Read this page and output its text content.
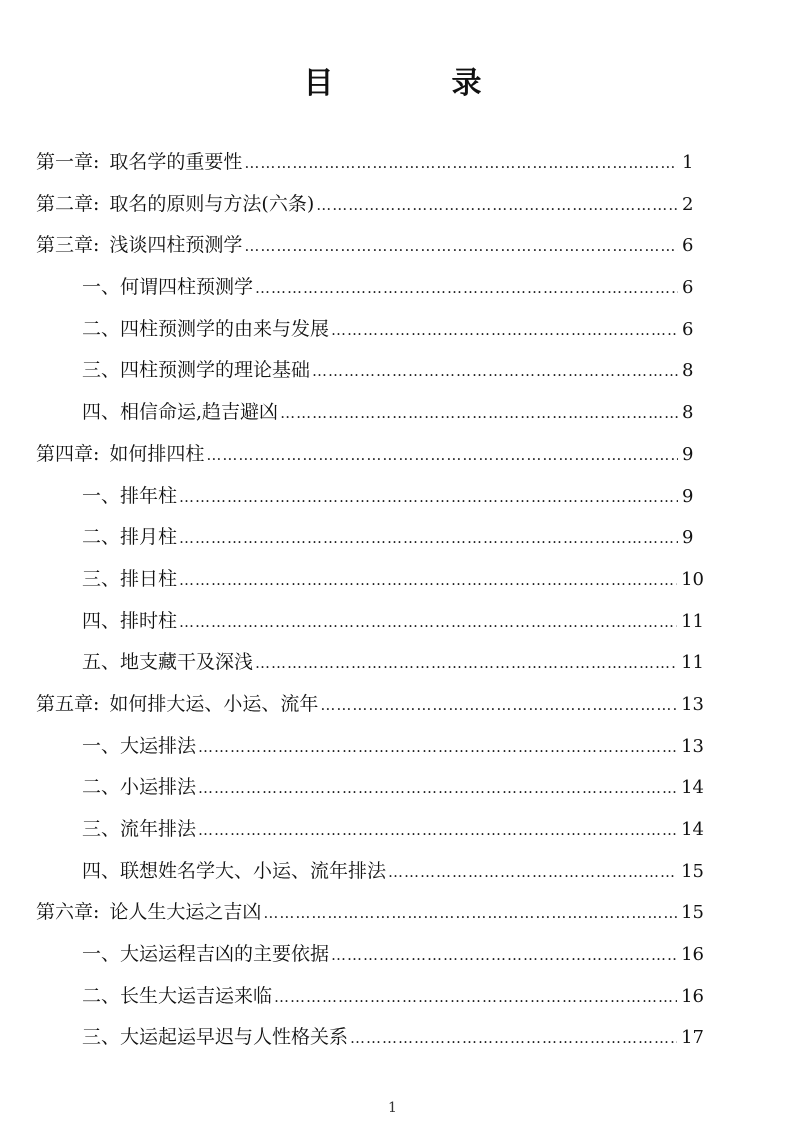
目	录
第一章: 取名学的重要性 ………………………………………………………………………………………………………………………………………………………………	1
第二章: 取名的原则与方法(六条) ………………………………………………………………………………………………………………………………………………………………	2
第三章: 浅谈四柱预测学 ………………………………………………………………………………………………………………………………………………………………	6
一、何谓四柱预测学 ………………………………………………………………………………………………………………………………………………………………	6
二、四柱预测学的由来与发展 ………………………………………………………………………………………………………………………………………………………………	6
三、四柱预测学的理论基础 ………………………………………………………………………………………………………………………………………………………………	8
四、相信命运,趋吉避凶 ………………………………………………………………………………………………………………………………………………………………	8
第四章: 如何排四柱 ………………………………………………………………………………………………………………………………………………………………	9
一、排年柱 ………………………………………………………………………………………………………………………………………………………………	9
二、排月柱 ………………………………………………………………………………………………………………………………………………………………	9
三、排日柱 ………………………………………………………………………………………………………………………………………………………………	10
四、排时柱 ………………………………………………………………………………………………………………………………………………………………	11
五、地支藏干及深浅 ………………………………………………………………………………………………………………………………………………………………	11
第五章: 如何排大运、小运、流年 ………………………………………………………………………………………………………………………………………………………………	13
一、大运排法 ………………………………………………………………………………………………………………………………………………………………	13
二、小运排法 ………………………………………………………………………………………………………………………………………………………………	14
三、流年排法 ………………………………………………………………………………………………………………………………………………………………	14
四、联想姓名学大、小运、流年排法 ………………………………………………………………………………………………………………………………………………………………	15
第六章: 论人生大运之吉凶 ………………………………………………………………………………………………………………………………………………………………	15
一、大运运程吉凶的主要依据 ………………………………………………………………………………………………………………………………………………………………	16
二、长生大运吉运来临 ………………………………………………………………………………………………………………………………………………………………	16
三、大运起运早迟与人性格关系 ………………………………………………………………………………………………………………………………………………………………	17
1
